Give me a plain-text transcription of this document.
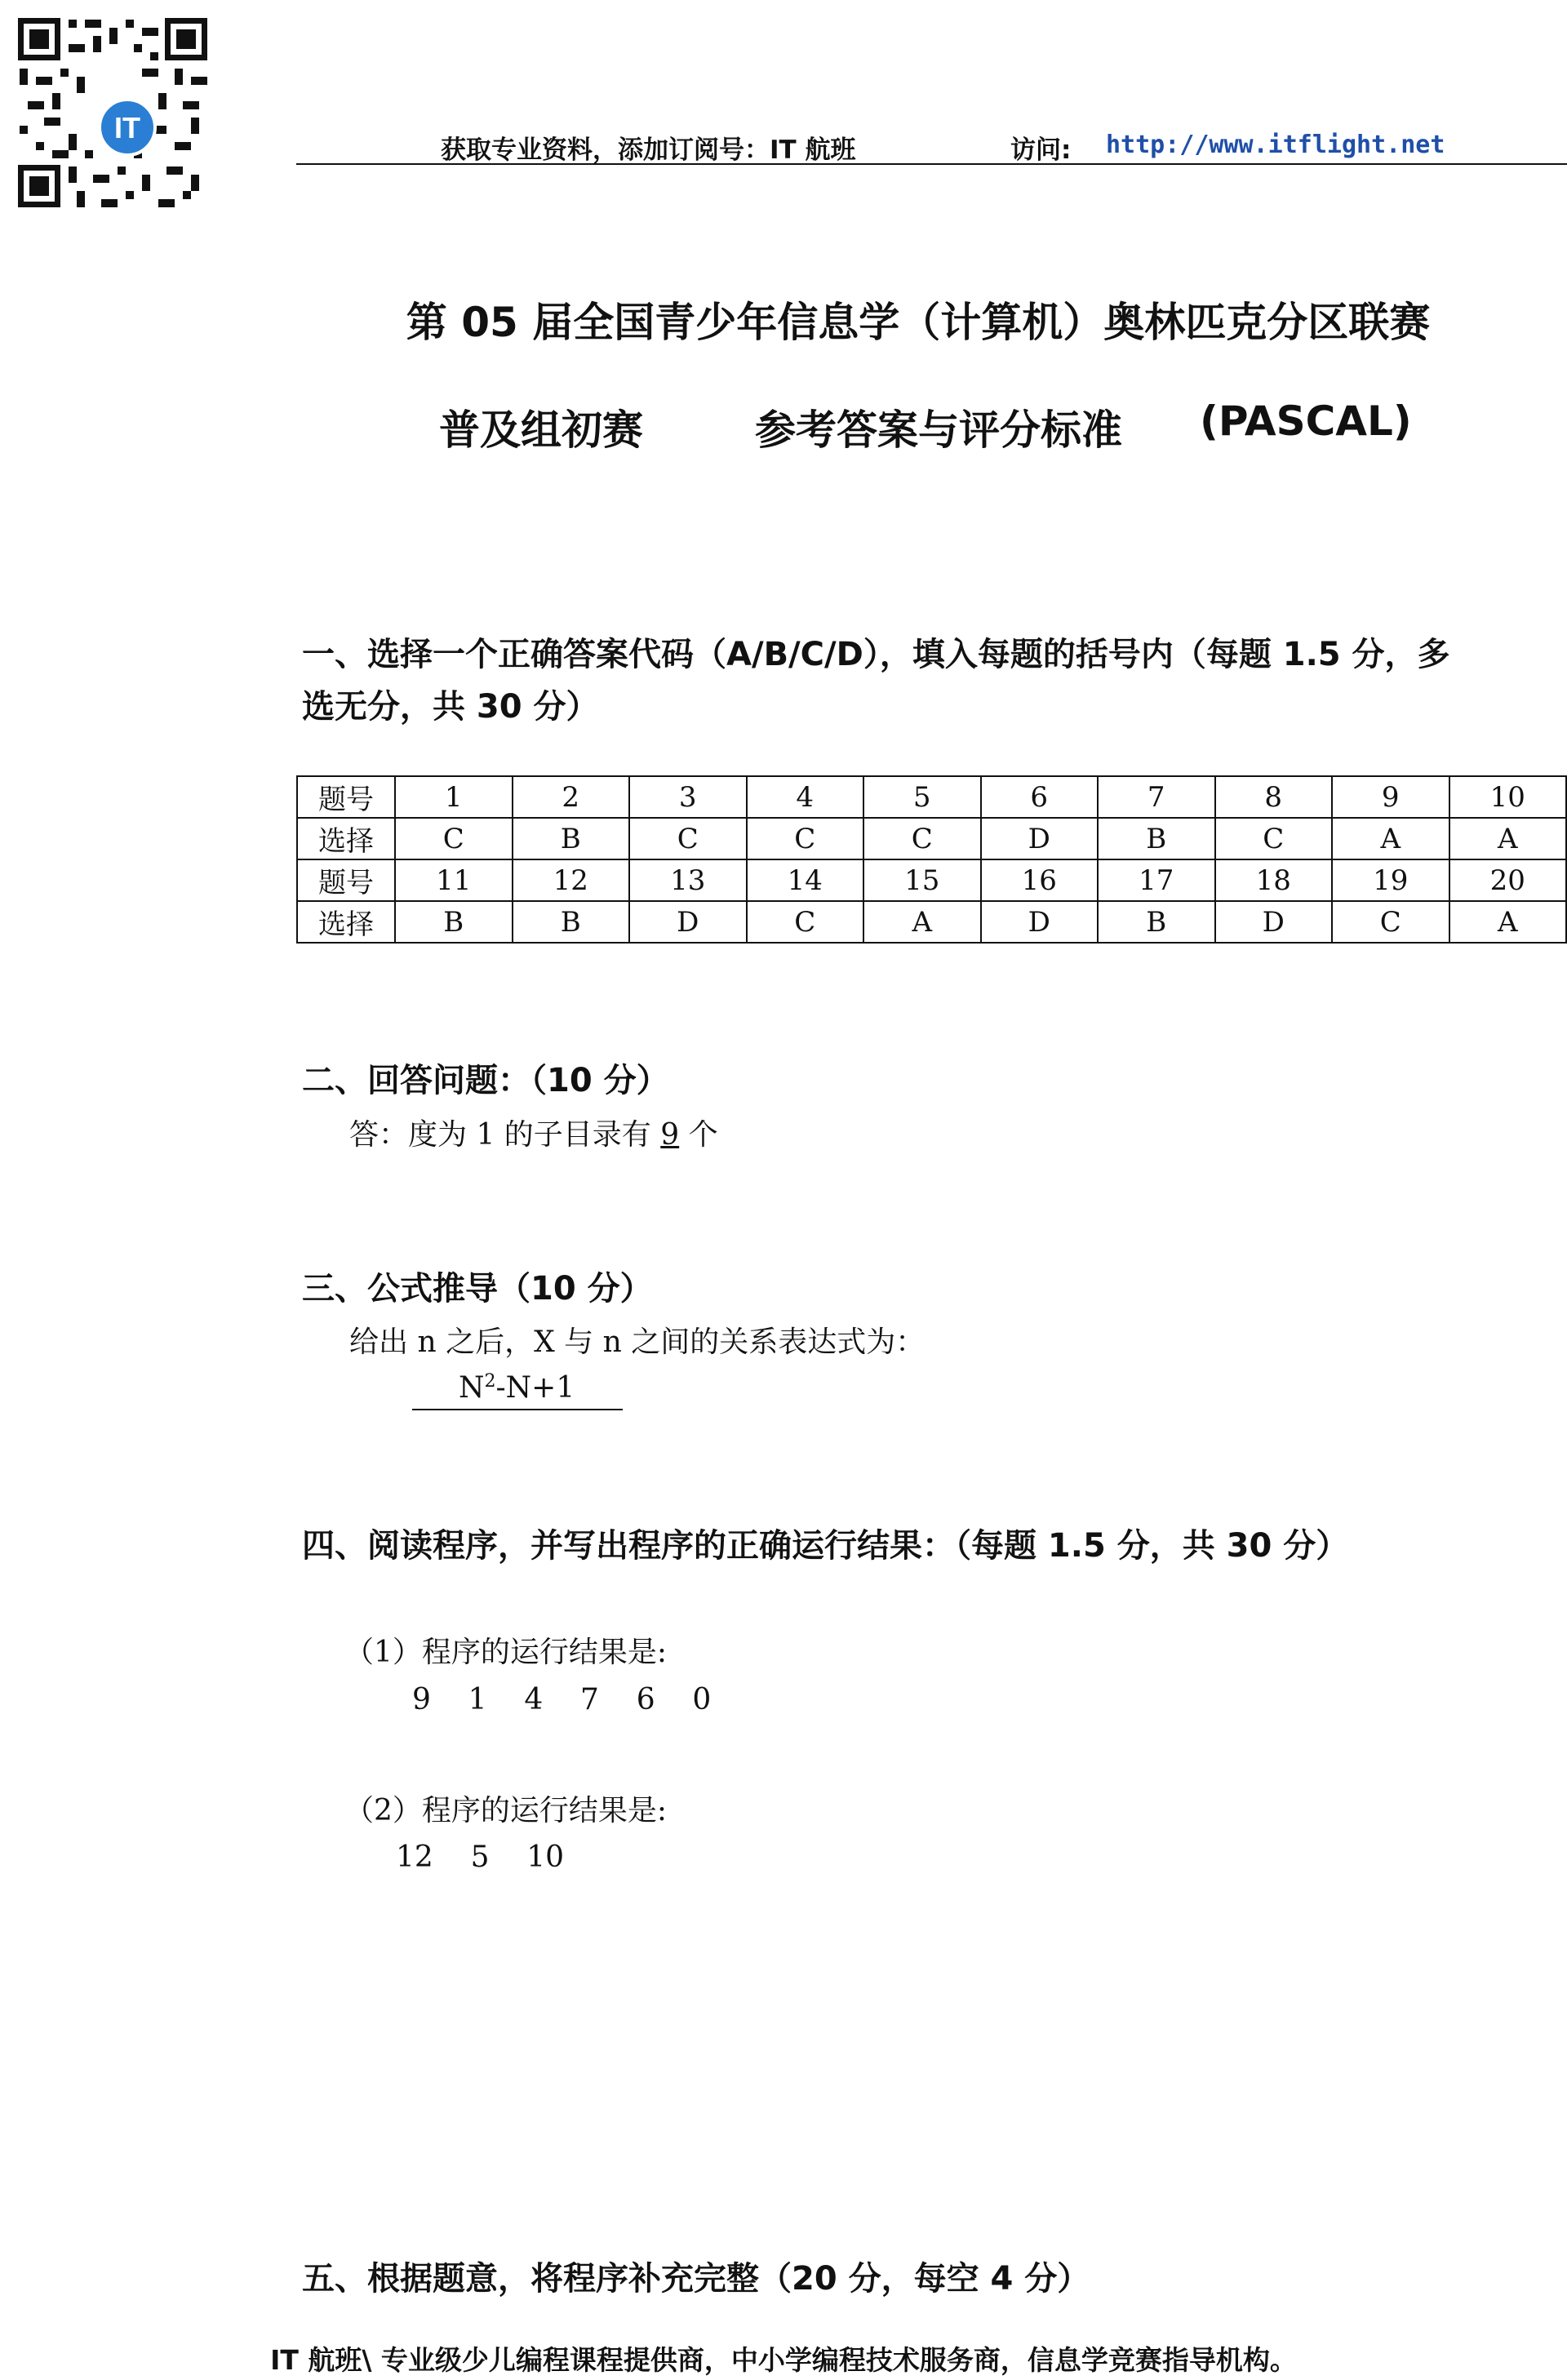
IT
获取专业资料，添加订阅号：IT 航班	访问: http://www.itflight.net
第 05 届全国青少年信息学（计算机）奥林匹克分区联赛
普及组初赛	参考答案与评分标准 (PASCAL)
一、选择一个正确答案代码（A/B/C/D），填入每题的括号内（每题 1.5 分，多
选无分，共 30 分）
题号	1	2	3	4	5	6	7	8	9	10
选择	C	B	C	C	C	D	B	C	A	A
题号	11	12	13	14	15	16	17	18	19	20
选择	B	B	D	C	A	D	B	D	C	A
二、回答问题：（10 分）
答：度为 1 的子目录有 9 个
三、公式推导（10 分）
给出 n 之后，X 与 n 之间的关系表达式为：
$N^2-N+1$
四、阅读程序，并写出程序的正确运行结果：（每题 1.5 分，共 30 分）
（1）程序的运行结果是:
9    1    4    7    6    0
（2）程序的运行结果是:
12    5    10
五、根据题意，将程序补充完整（20 分，每空 4 分）
IT 航班\ 专业级少儿编程课程提供商，中小学编程技术服务商，信息学竞赛指导机构。
